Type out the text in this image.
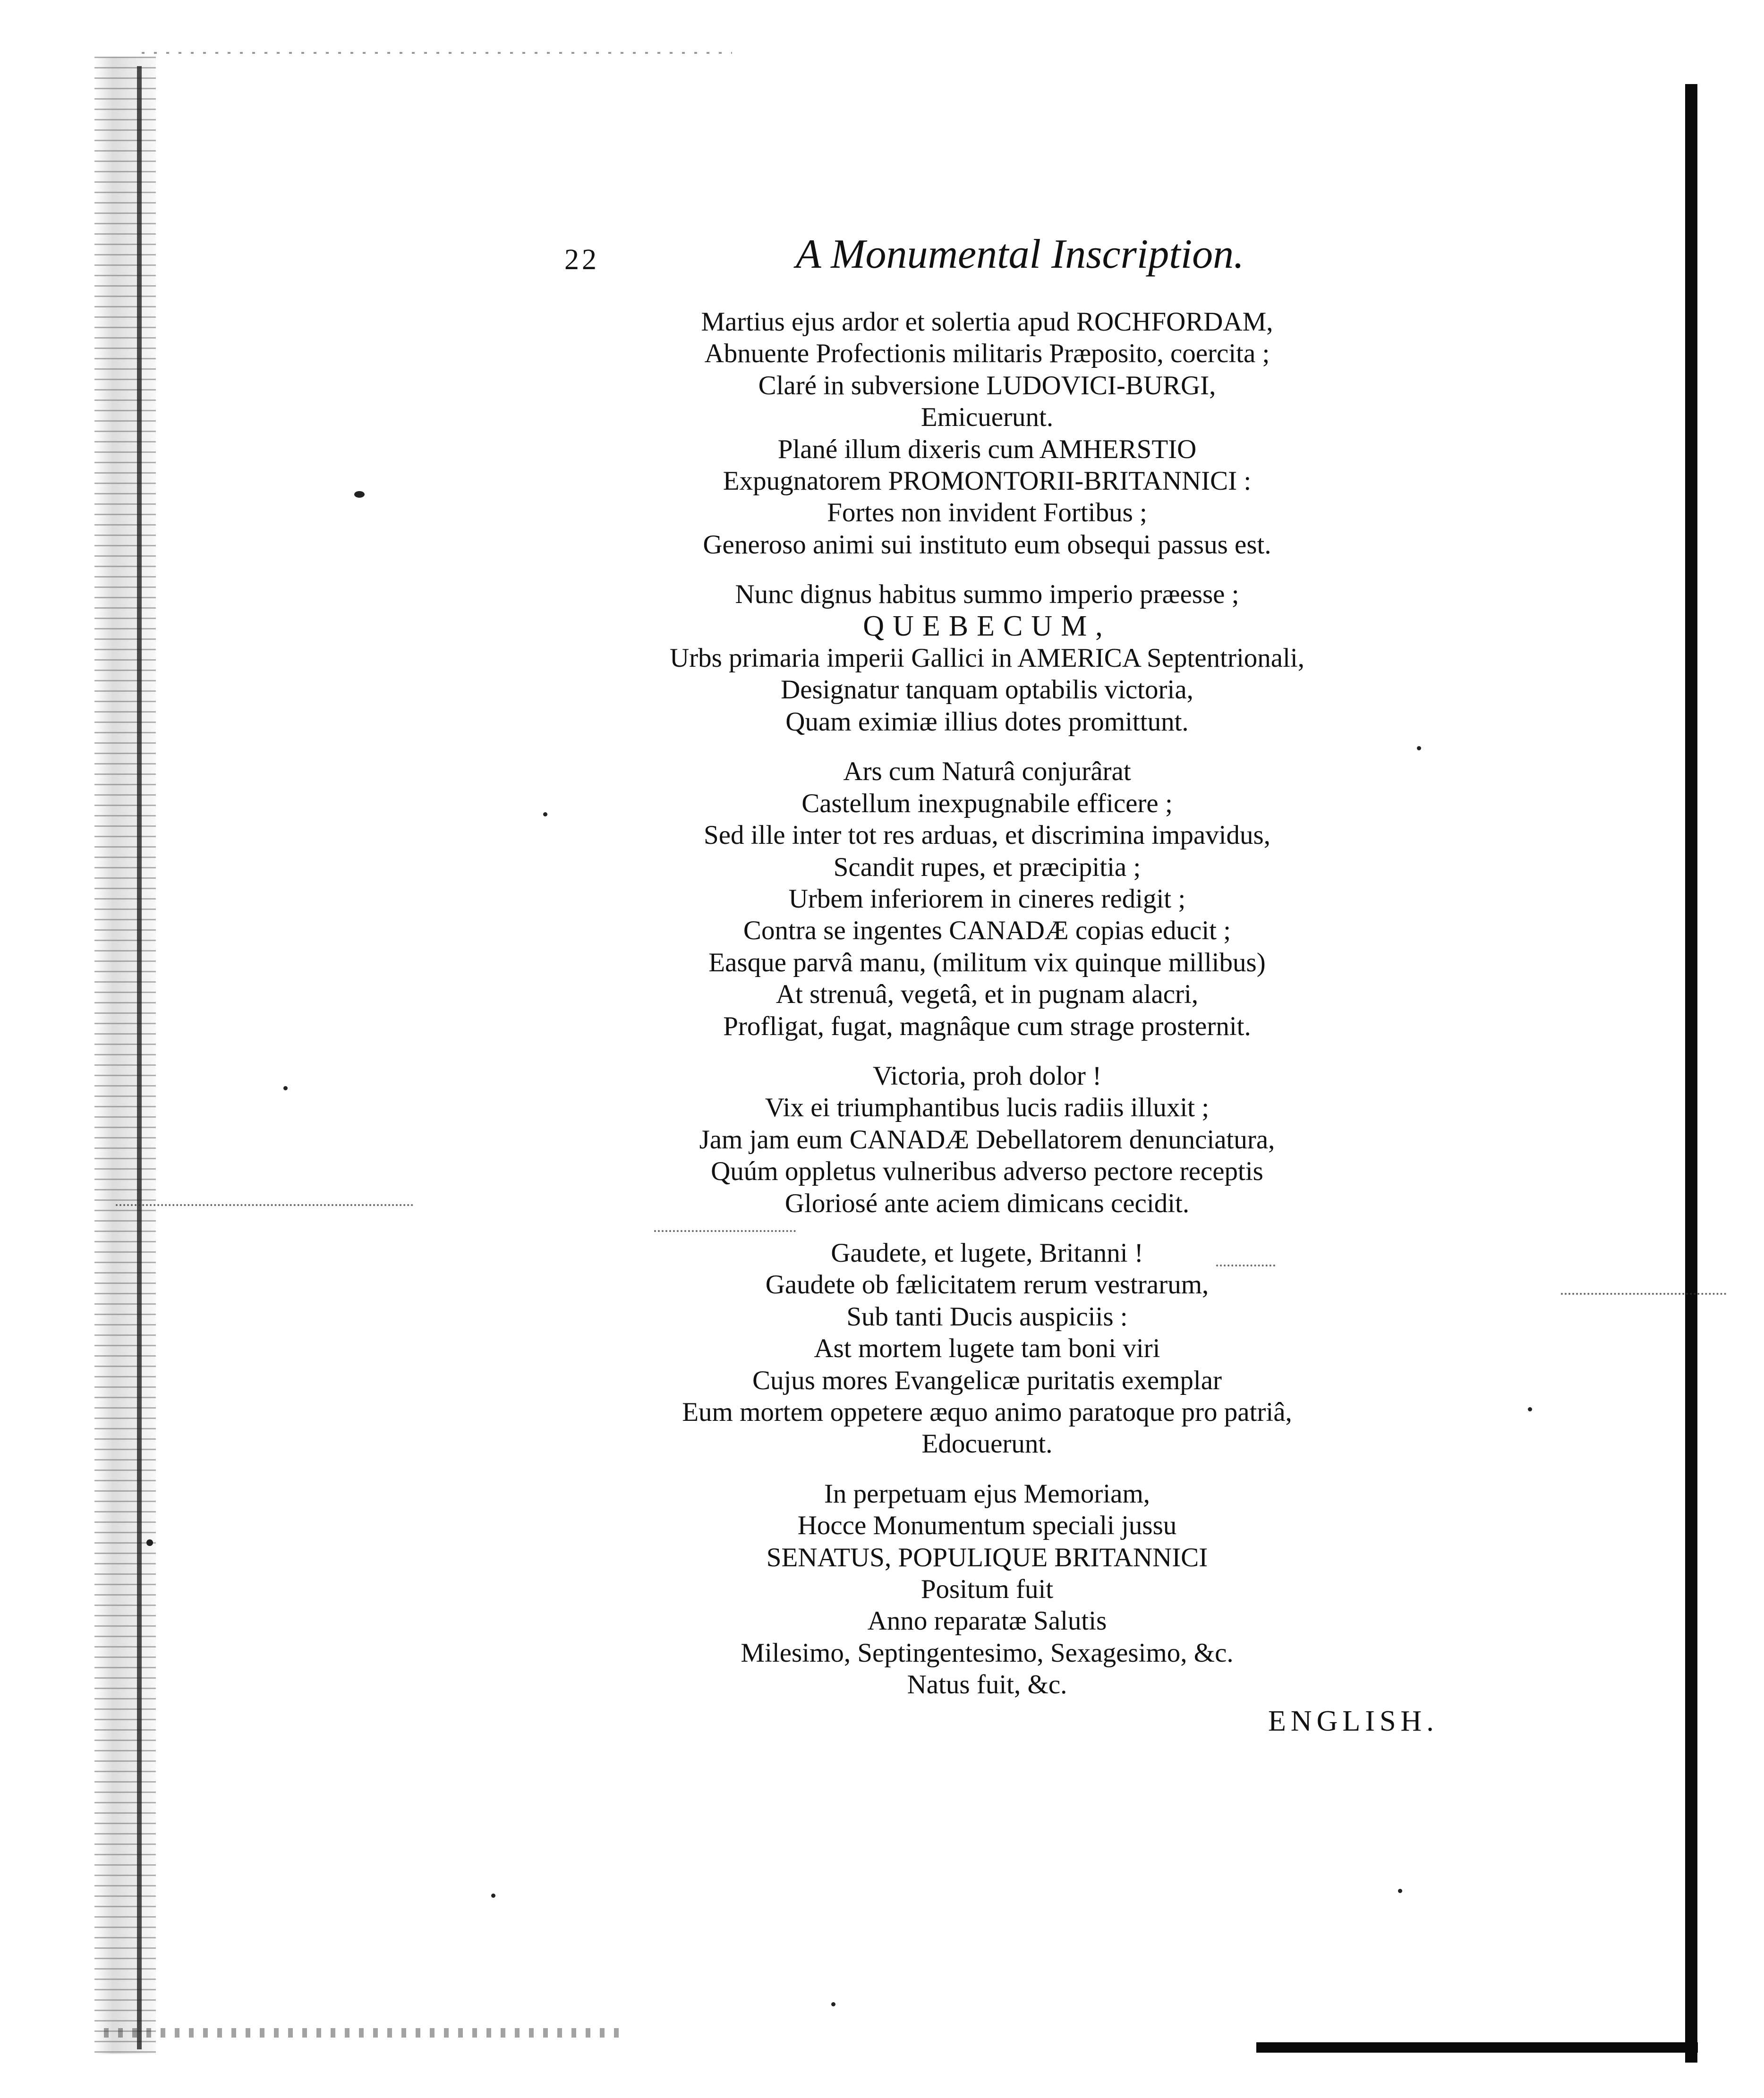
22	A Monumental Inscription.
Martius ejus ardor et solertia apud ROCHFORDAM,
Abnuente Profectionis militaris Præposito, coercita ;
Claré in subversione LUDOVICI-BURGI,
Emicuerunt.
Plané illum dixeris cum AMHERSTIO
Expugnatorem PROMONTORII-BRITANNICI :
Fortes non invident Fortibus ;
Generoso animi sui instituto eum obsequi passus est.
Nunc dignus habitus summo imperio præesse ;
QUEBECUM,
Urbs primaria imperii Gallici in AMERICA Septentrionali,
Designatur tanquam optabilis victoria,
Quam eximiæ illius dotes promittunt.
Ars cum Naturâ conjurârat
Castellum inexpugnabile efficere ;
Sed ille inter tot res arduas, et discrimina impavidus,
Scandit rupes, et præcipitia ;
Urbem inferiorem in cineres redigit ;
Contra se ingentes CANADÆ copias educit ;
Easque parvâ manu, (militum vix quinque millibus)
At strenuâ, vegetâ, et in pugnam alacri,
Profligat, fugat, magnâque cum strage prosternit.
Victoria, proh dolor !
Vix ei triumphantibus lucis radiis illuxit ;
Jam jam eum CANADÆ Debellatorem denunciatura,
Quúm oppletus vulneribus adverso pectore receptis
Gloriosé ante aciem dimicans cecidit.
Gaudete, et lugete, Britanni !
Gaudete ob fælicitatem rerum vestrarum,
Sub tanti Ducis auspiciis :
Ast mortem lugete tam boni viri
Cujus mores Evangelicæ puritatis exemplar
Eum mortem oppetere æquo animo paratoque pro patriâ,
Edocuerunt.
In perpetuam ejus Memoriam,
Hocce Monumentum speciali jussu
SENATUS, POPULIQUE BRITANNICI
Positum fuit
Anno reparatæ Salutis
Milesimo, Septingentesimo, Sexagesimo, &c.
Natus fuit, &c.
ENGLISH.
